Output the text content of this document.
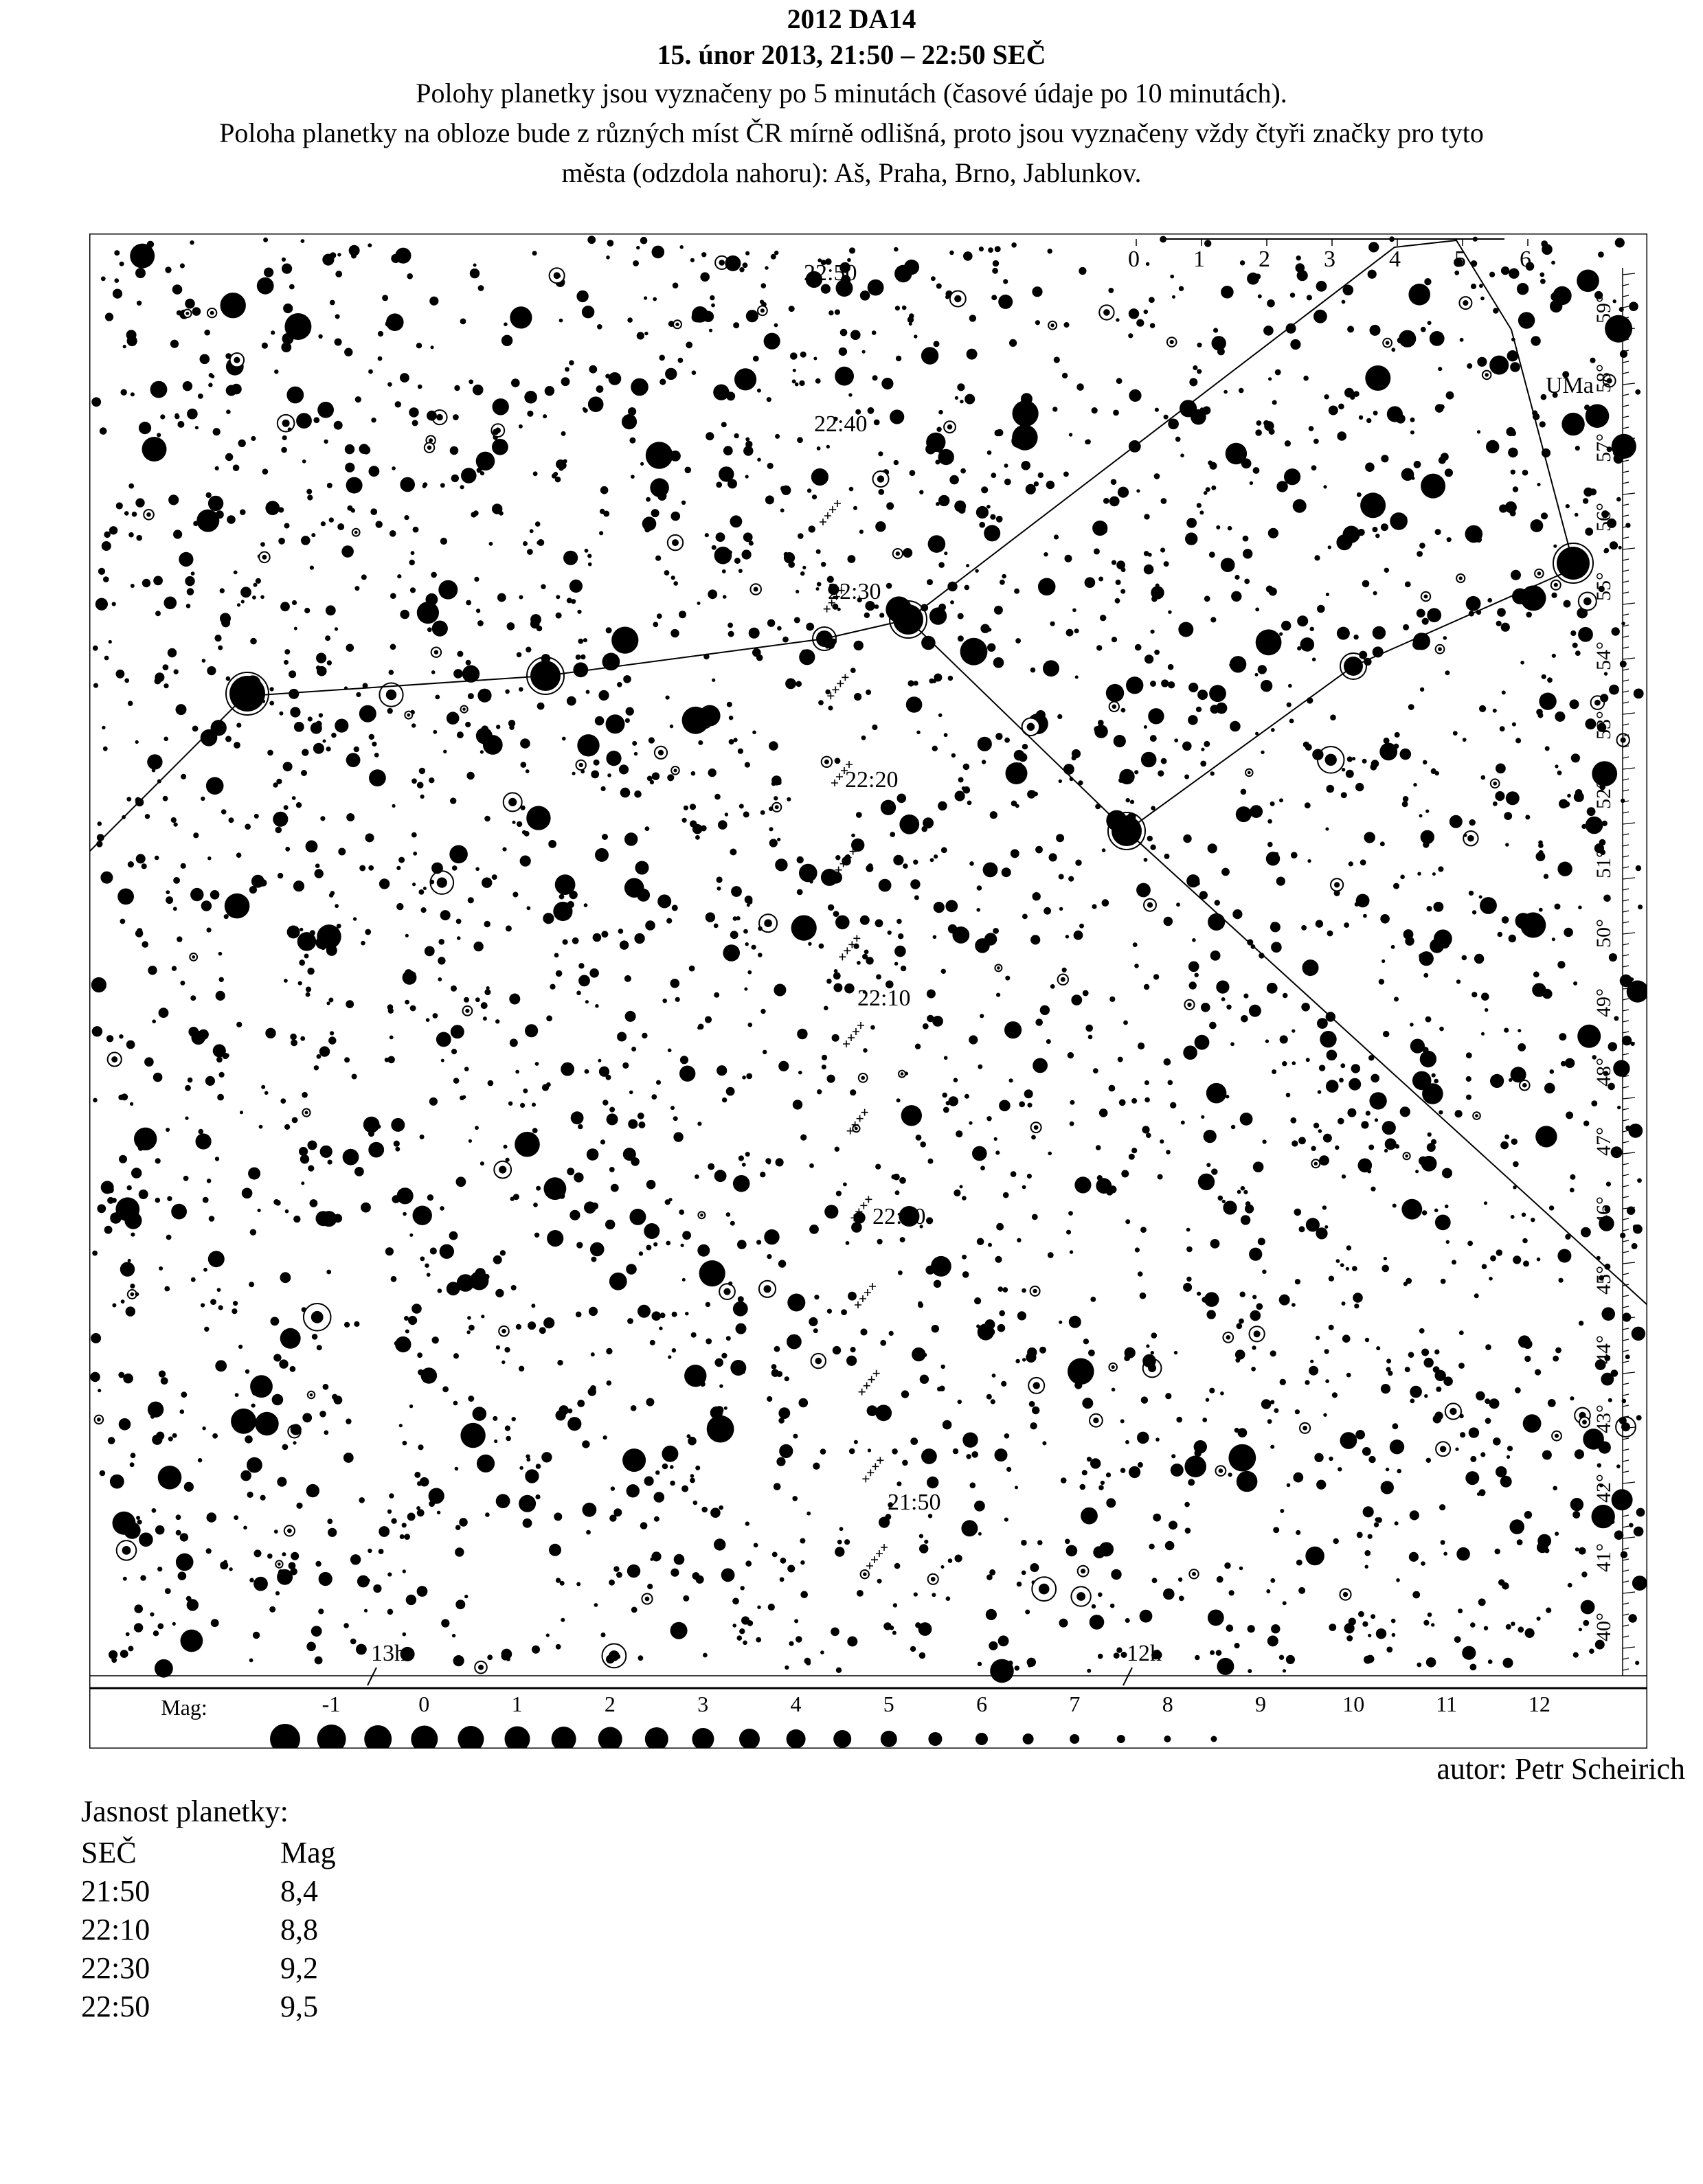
2012 DA14
15. únor 2013, 21:50 – 22:50 SEČ

Polohy planetky jsou vyznačeny po 5 minutách (časové údaje po 10 minutách).

Poloha planetky na obloze bude z různých míst ČR mírně odlišná, proto jsou vyznačeny vždy čtyři značky pro tyto

města (odzdola nahoru): Aš, Praha, Brno, Jablunkov.

22:50
22:40
22:30
22:20
22:10
22:00
21:50
UMa
0 1 2 3 4 5 6
59°
58°
57°
56°
55°
54°
53°
52°
51°
50°
49°
48°
47°
46°
45°
44°
43°
42°
41°
40°
13h	12h
Mag:	-1	0	1	2	3	4	5	6	7	8	9	10	11	12

autor: Petr Scheirich

Jasnost planetky:

SEČ	Mag
21:50	8,4
22:10	8,8
22:30	9,2
22:50	9,5
